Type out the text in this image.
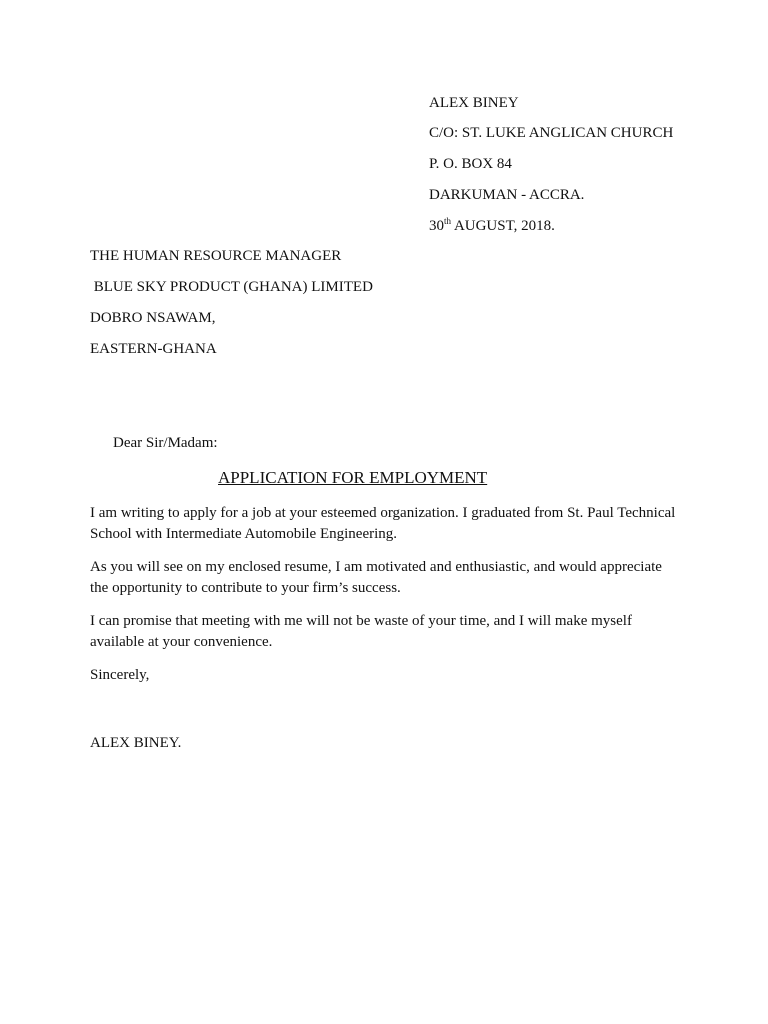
ALEX BINEY
C/O: ST. LUKE ANGLICAN CHURCH
P. O. BOX 84
DARKUMAN - ACCRA.
30th AUGUST, 2018.
THE HUMAN RESOURCE MANAGER
BLUE SKY PRODUCT (GHANA) LIMITED
DOBRO NSAWAM,
EASTERN-GHANA
Dear Sir/Madam:
APPLICATION FOR EMPLOYMENT
I am writing to apply for a job at your esteemed organization. I graduated from St. Paul Technical School with Intermediate Automobile Engineering.
As you will see on my enclosed resume, I am motivated and enthusiastic, and would appreciate the opportunity to contribute to your firm’s success.
I can promise that meeting with me will not be waste of your time, and I will make myself available at your convenience.
Sincerely,
ALEX BINEY.
